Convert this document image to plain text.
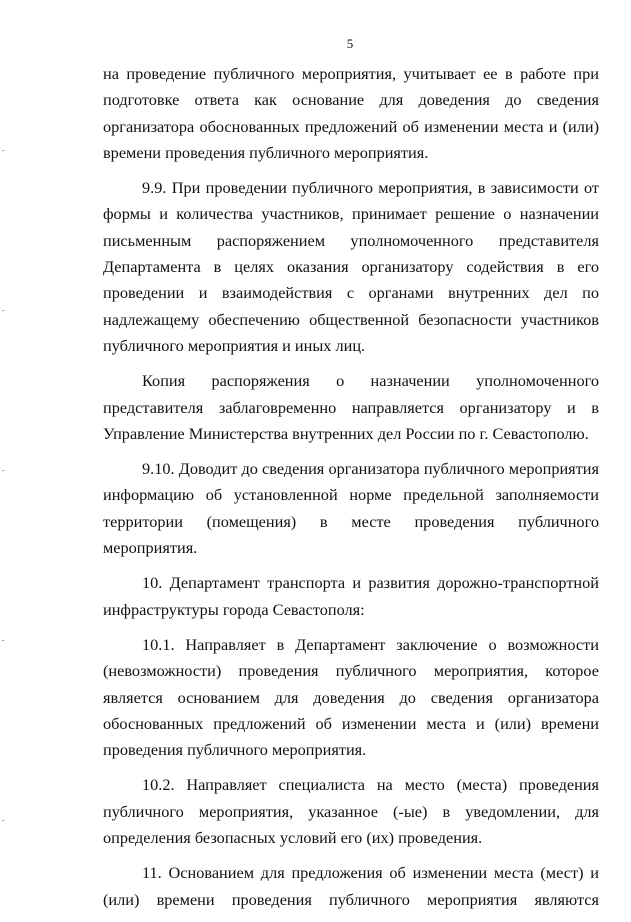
5

на проведение публичного мероприятия, учитывает ее в работе при подготовке ответа как основание для доведения до сведения организатора обоснованных предложений об изменении места и (или) времени проведения публичного мероприятия.

9.9. При проведении публичного мероприятия, в зависимости от формы и количества участников, принимает решение о назначении письменным распоряжением уполномоченного представителя Департамента в целях оказания организатору содействия в его проведении и взаимодействия с органами внутренних дел по надлежащему обеспечению общественной безопасности участников публичного мероприятия и иных лиц.

Копия распоряжения о назначении уполномоченного представителя заблаговременно направляется организатору и в Управление Министерства внутренних дел России по г. Севастополю.

9.10. Доводит до сведения организатора публичного мероприятия информацию об установленной норме предельной заполняемости территории (помещения) в месте проведения публичного мероприятия.

10. Департамент транспорта и развития дорожно-транспортной инфраструктуры города Севастополя:

10.1. Направляет в Департамент заключение о возможности (невозможности) проведения публичного мероприятия, которое является основанием для доведения до сведения организатора обоснованных предложений об изменении места и (или) времени проведения публичного мероприятия.

10.2. Направляет специалиста на место (места) проведения публичного мероприятия, указанное (-ые) в уведомлении, для определения безопасных условий его (их) проведения.

11. Основанием для предложения об изменении места (мест) и (или) времени проведения публичного мероприятия являются
